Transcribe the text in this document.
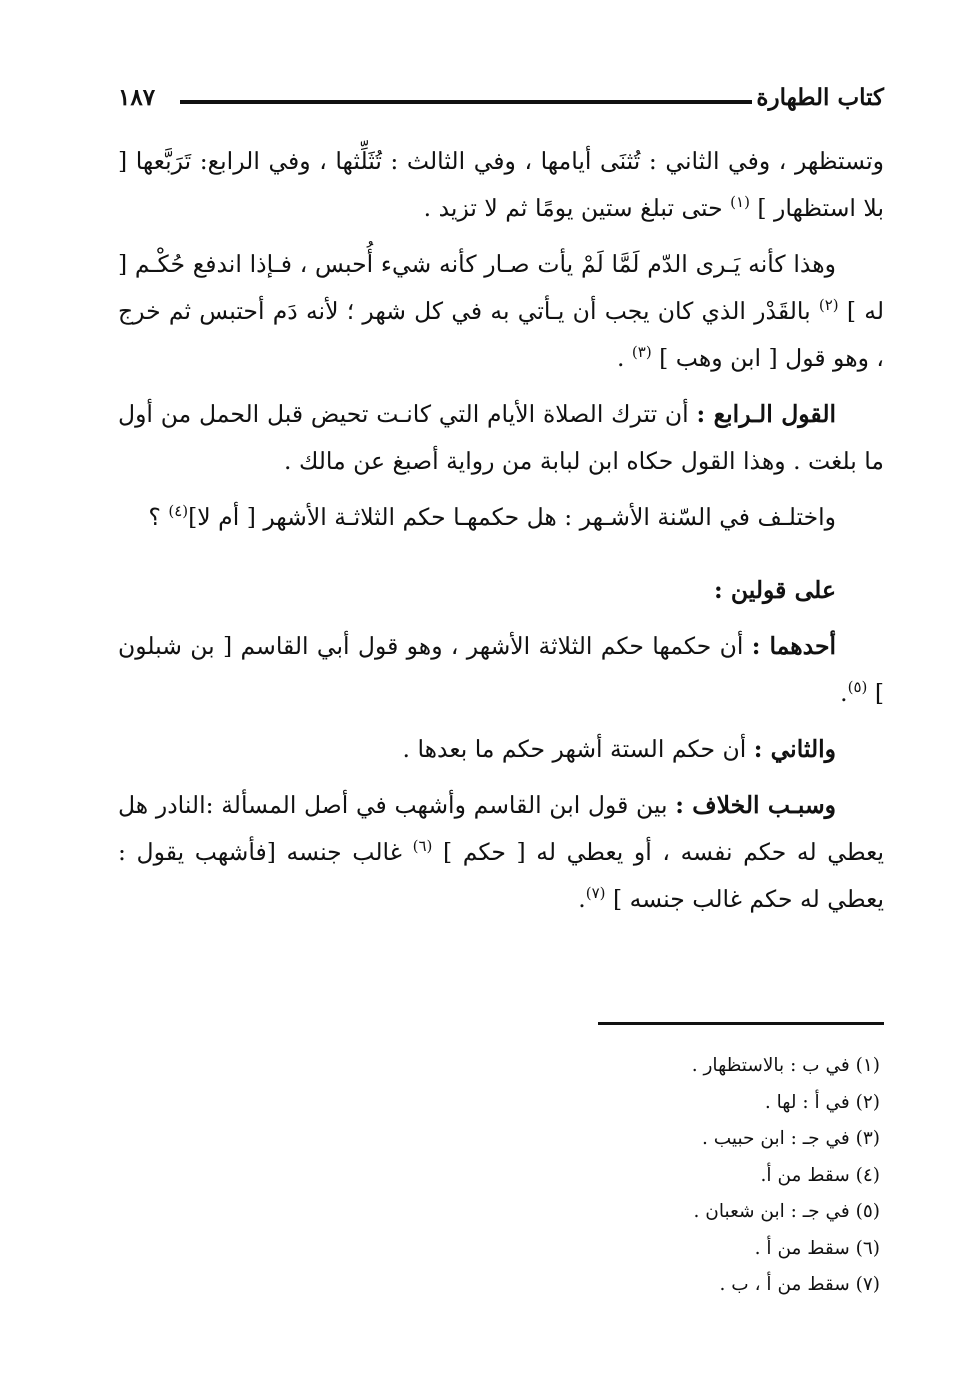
كتاب الطهارة
١٨٧

وتستظهر ، وفي الثاني : تُثنَى أيامها ، وفي الثالث : تُثَلِّثها ، وفي الرابع: تَرَبَّعها [ بلا استظهار ] $^{(١)}$ حتى تبلغ ستين يومًا ثم لا تزيد .

وهذا كأنه يَـرى الدّم لَمَّا لَمْ يأت صـار كأنه شيء أُحبس ، فـإذا اندفع حُكْـم [ له ] $^{(٢)}$ بالقَدْر الذي كان يجب أن يـأتي به في كل شهر ؛ لأنه دَم أحتبس ثم خرج ، وهو قول [ ابن وهب ] $^{(٣)}$ .

القول الـرابع : أن تترك الصلاة الأيام التي كانـت تحيض قبل الحمل من أول ما بلغت . وهذا القول حكاه ابن لبابة من رواية أصبغ عن مالك .

واختلـف في السّنة الأشـهر : هل حكمهـا حكم الثلاثـة الأشهر [ أم لا]$^{(٤)}$ ؟

على قولين :

أحدهما : أن حكمها حكم الثلاثة الأشهر ، وهو قول أبي القاسم [ بن شبلون ] $^{(٥)}$.

والثاني : أن حكم الستة أشهر حكم ما بعدها .

وسبـب الخلاف : بين قول ابن القاسم وأشهب في أصل المسألة :النادر هل يعطي له حكم نفسه ، أو يعطي له [ حكم ] $^{(٦)}$ غالب جنسه [فأشهب يقول : يعطي له حكم غالب جنسه ] $^{(٧)}$.

(١) في ب : بالاستظهار .
(٢) في أ : لها .
(٣) في جـ : ابن حبيب .
(٤) سقط من أ.
(٥) في جـ : ابن شعبان .
(٦) سقط من أ .
(٧) سقط من أ ، ب .
